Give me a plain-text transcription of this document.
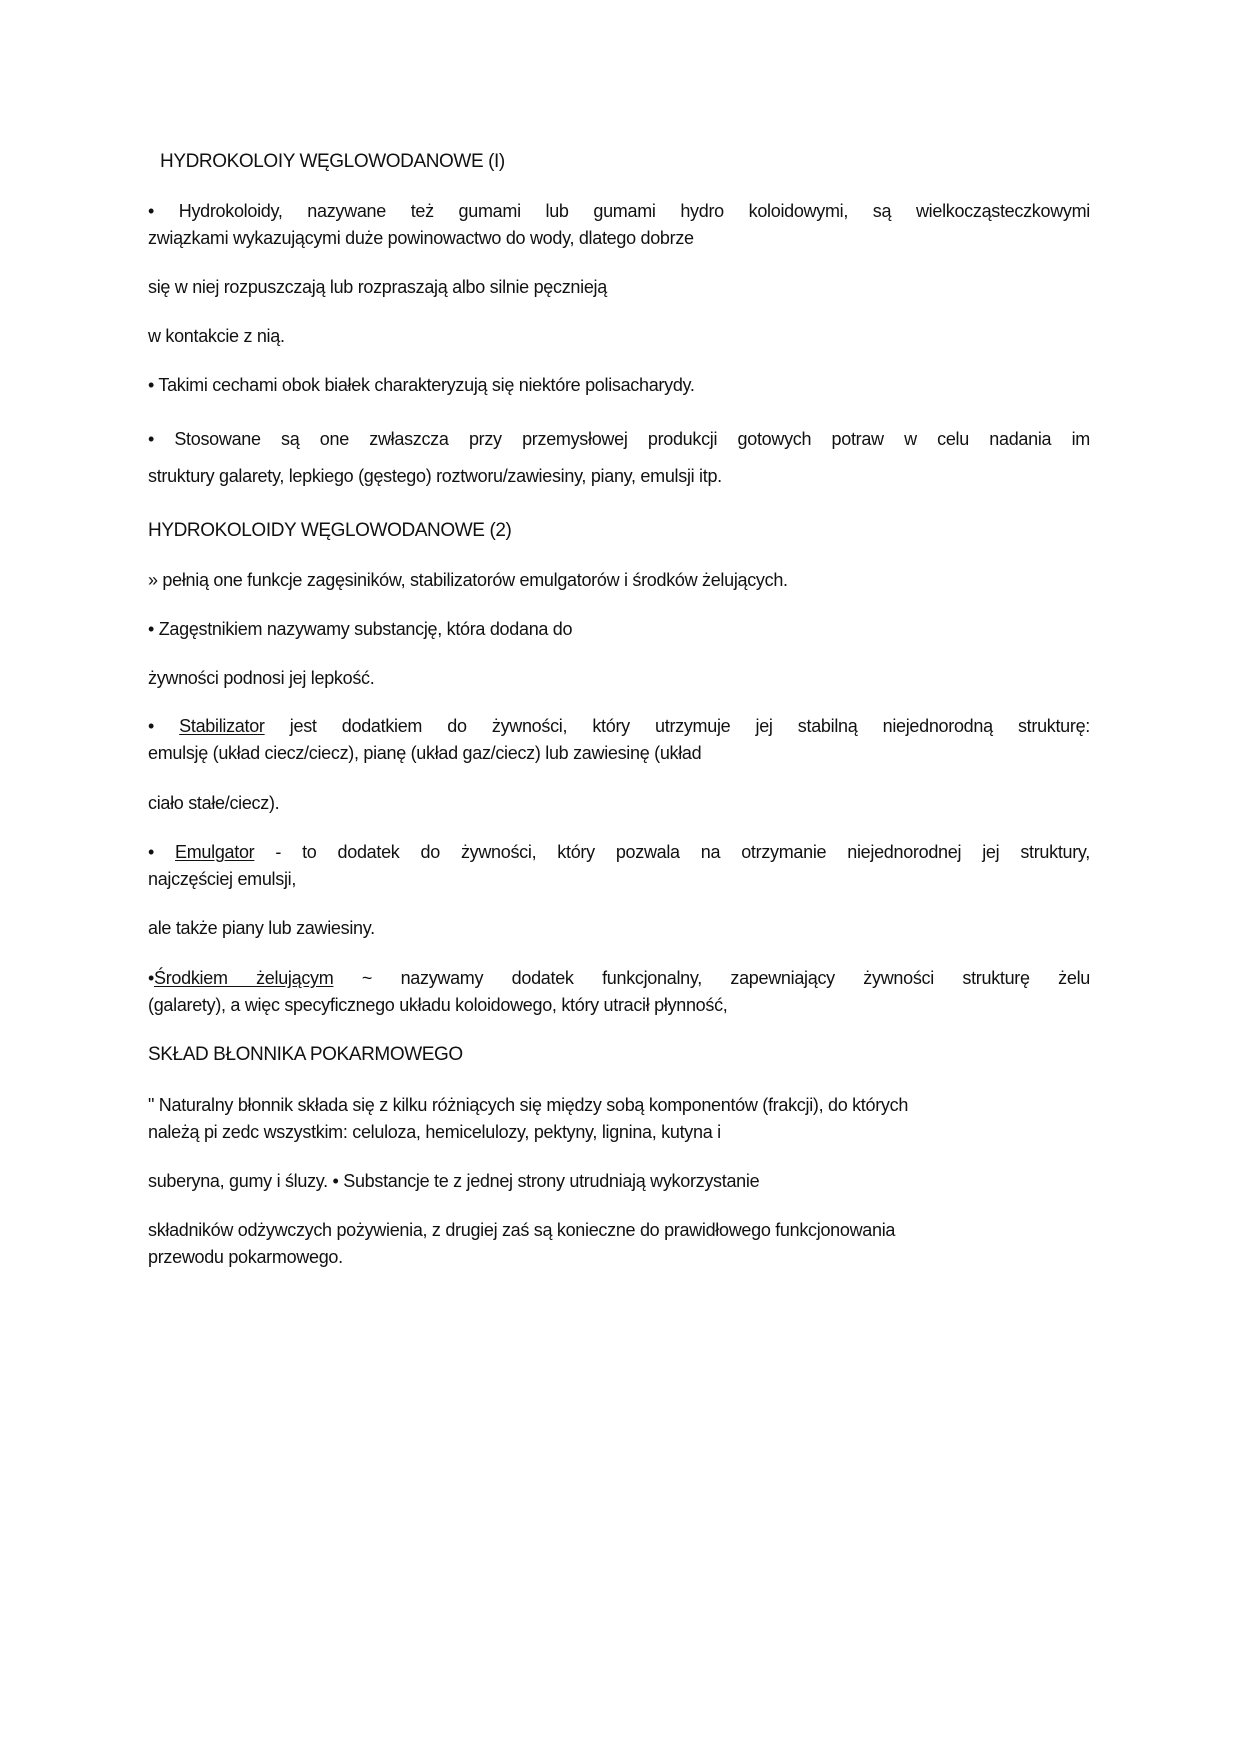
HYDROKOLOIY WĘGLOWODANOWE (I)

• Hydrokoloidy, nazywane też gumami lub gumami hydro koloidowymi, są wielkocząsteczkowymi
związkami wykazującymi duże powinowactwo do wody, dlatego dobrze

się w niej rozpuszczają lub rozpraszają albo silnie pęcznieją

w kontakcie z nią.

• Takimi cechami obok białek charakteryzują się niektóre polisacharydy.

• Stosowane są one zwłaszcza przy przemysłowej produkcji gotowych potraw w celu nadania im
struktury galarety, lepkiego (gęstego) roztworu/zawiesiny, piany, emulsji itp.

HYDROKOLOIDY WĘGLOWODANOWE (2)

» pełnią one funkcje zagęsiników, stabilizatorów emulgatorów i środków żelujących.

• Zagęstnikiem nazywamy substancję, która dodana do

żywności podnosi jej lepkość.

• Stabilizator jest dodatkiem do żywności, który utrzymuje jej stabilną niejednorodną strukturę:
emulsję (układ ciecz/ciecz), pianę (układ gaz/ciecz) lub zawiesinę (układ

ciało stałe/ciecz).

• Emulgator - to dodatek do żywności, który pozwala na otrzymanie niejednorodnej jej struktury,
najczęściej emulsji,

ale także piany lub zawiesiny.

•Środkiem żelującym ~ nazywamy dodatek funkcjonalny, zapewniający żywności strukturę żelu
(galarety), a więc specyficznego układu koloidowego, który utracił płynność,

SKŁAD BŁONNIKA POKARMOWEGO

" Naturalny błonnik składa się z kilku różniących się między sobą komponentów (frakcji), do których
należą pi zedc wszystkim: celuloza, hemicelulozy, pektyny, lignina, kutyna i

suberyna, gumy i śluzy. • Substancje te z jednej strony utrudniają wykorzystanie

składników odżywczych pożywienia, z drugiej zaś są konieczne do prawidłowego funkcjonowania
przewodu pokarmowego.
